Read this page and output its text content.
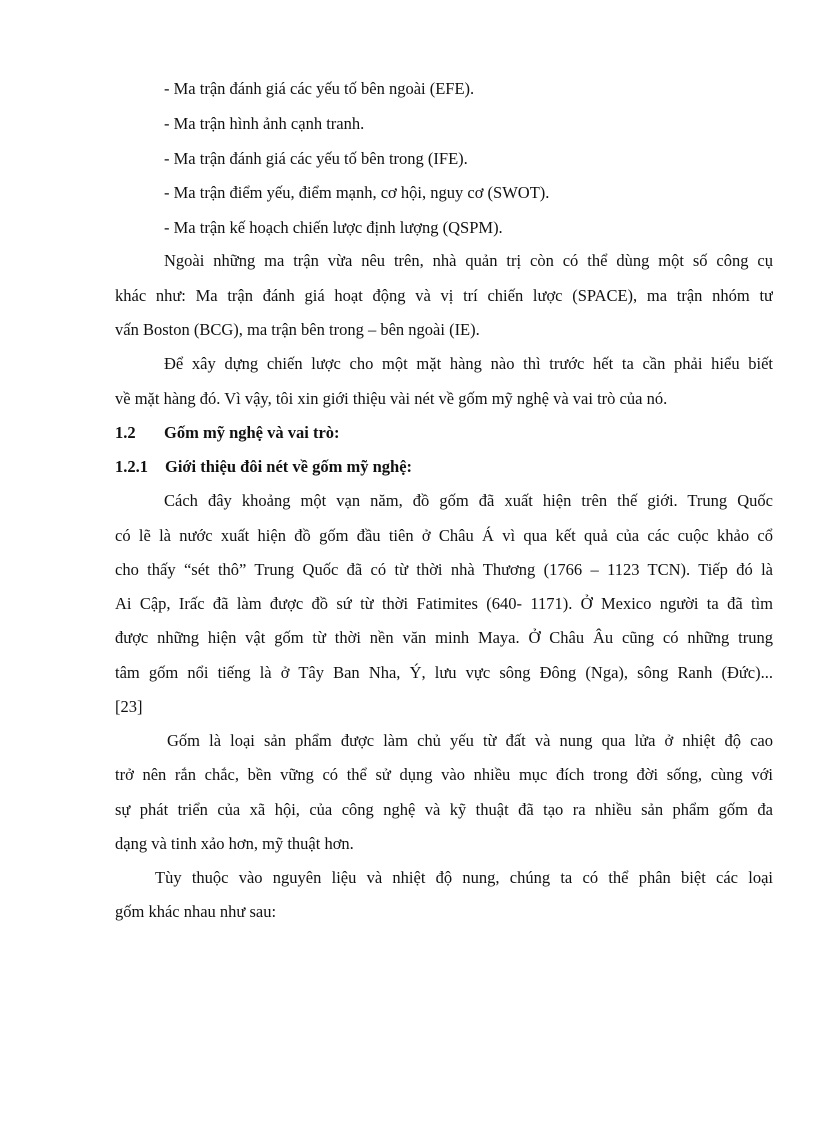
- Ma trận đánh giá các yếu tố bên ngoài (EFE).
- Ma trận hình ảnh cạnh tranh.
- Ma trận đánh giá các yếu tố bên trong (IFE).
- Ma trận điểm yếu, điểm mạnh, cơ hội, nguy cơ (SWOT).
- Ma trận kế hoạch chiến lược định lượng (QSPM).
Ngoài những ma trận vừa nêu trên, nhà quản trị còn có thể dùng một số công cụ
khác như: Ma trận đánh giá hoạt động và vị trí chiến lược (SPACE), ma trận nhóm tư
vấn Boston (BCG), ma trận bên trong – bên ngoài (IE).
Để xây dựng chiến lược cho một mặt hàng nào thì trước hết ta cần phải hiểu biết
về mặt hàng đó. Vì vậy, tôi xin giới thiệu vài nét về gốm mỹ nghệ và vai trò của nó.
1.2 Gốm mỹ nghệ và vai trò:
1.2.1 Giới thiệu đôi nét về gốm mỹ nghệ:
Cách đây khoảng một vạn năm, đồ gốm đã xuất hiện trên thế giới. Trung Quốc
có lẽ là nước xuất hiện đồ gốm đầu tiên ở Châu Á vì qua kết quả của các cuộc khảo cổ
cho thấy “sét thô” Trung Quốc đã có từ thời nhà Thương (1766 – 1123 TCN). Tiếp đó là
Ai Cập, Irấc đã làm được đồ sứ từ thời Fatimites (640- 1171). Ở Mexico người ta đã tìm
được những hiện vật gốm từ thời nền văn minh Maya. Ở Châu Âu cũng có những trung
tâm gốm nổi tiếng là ở Tây Ban Nha, Ý, lưu vực sông Đông (Nga), sông Ranh (Đức)...
[23]
Gốm là loại sản phẩm được làm chủ yếu từ đất và nung qua lửa ở nhiệt độ cao
trở nên rắn chắc, bền vững có thể sử dụng vào nhiều mục đích trong đời sống, cùng với
sự phát triển của xã hội, của công nghệ và kỹ thuật đã tạo ra nhiều sản phẩm gốm đa
dạng và tinh xảo hơn, mỹ thuật hơn.
Tùy thuộc vào nguyên liệu và nhiệt độ nung, chúng ta có thể phân biệt các loại
gốm khác nhau như sau:
